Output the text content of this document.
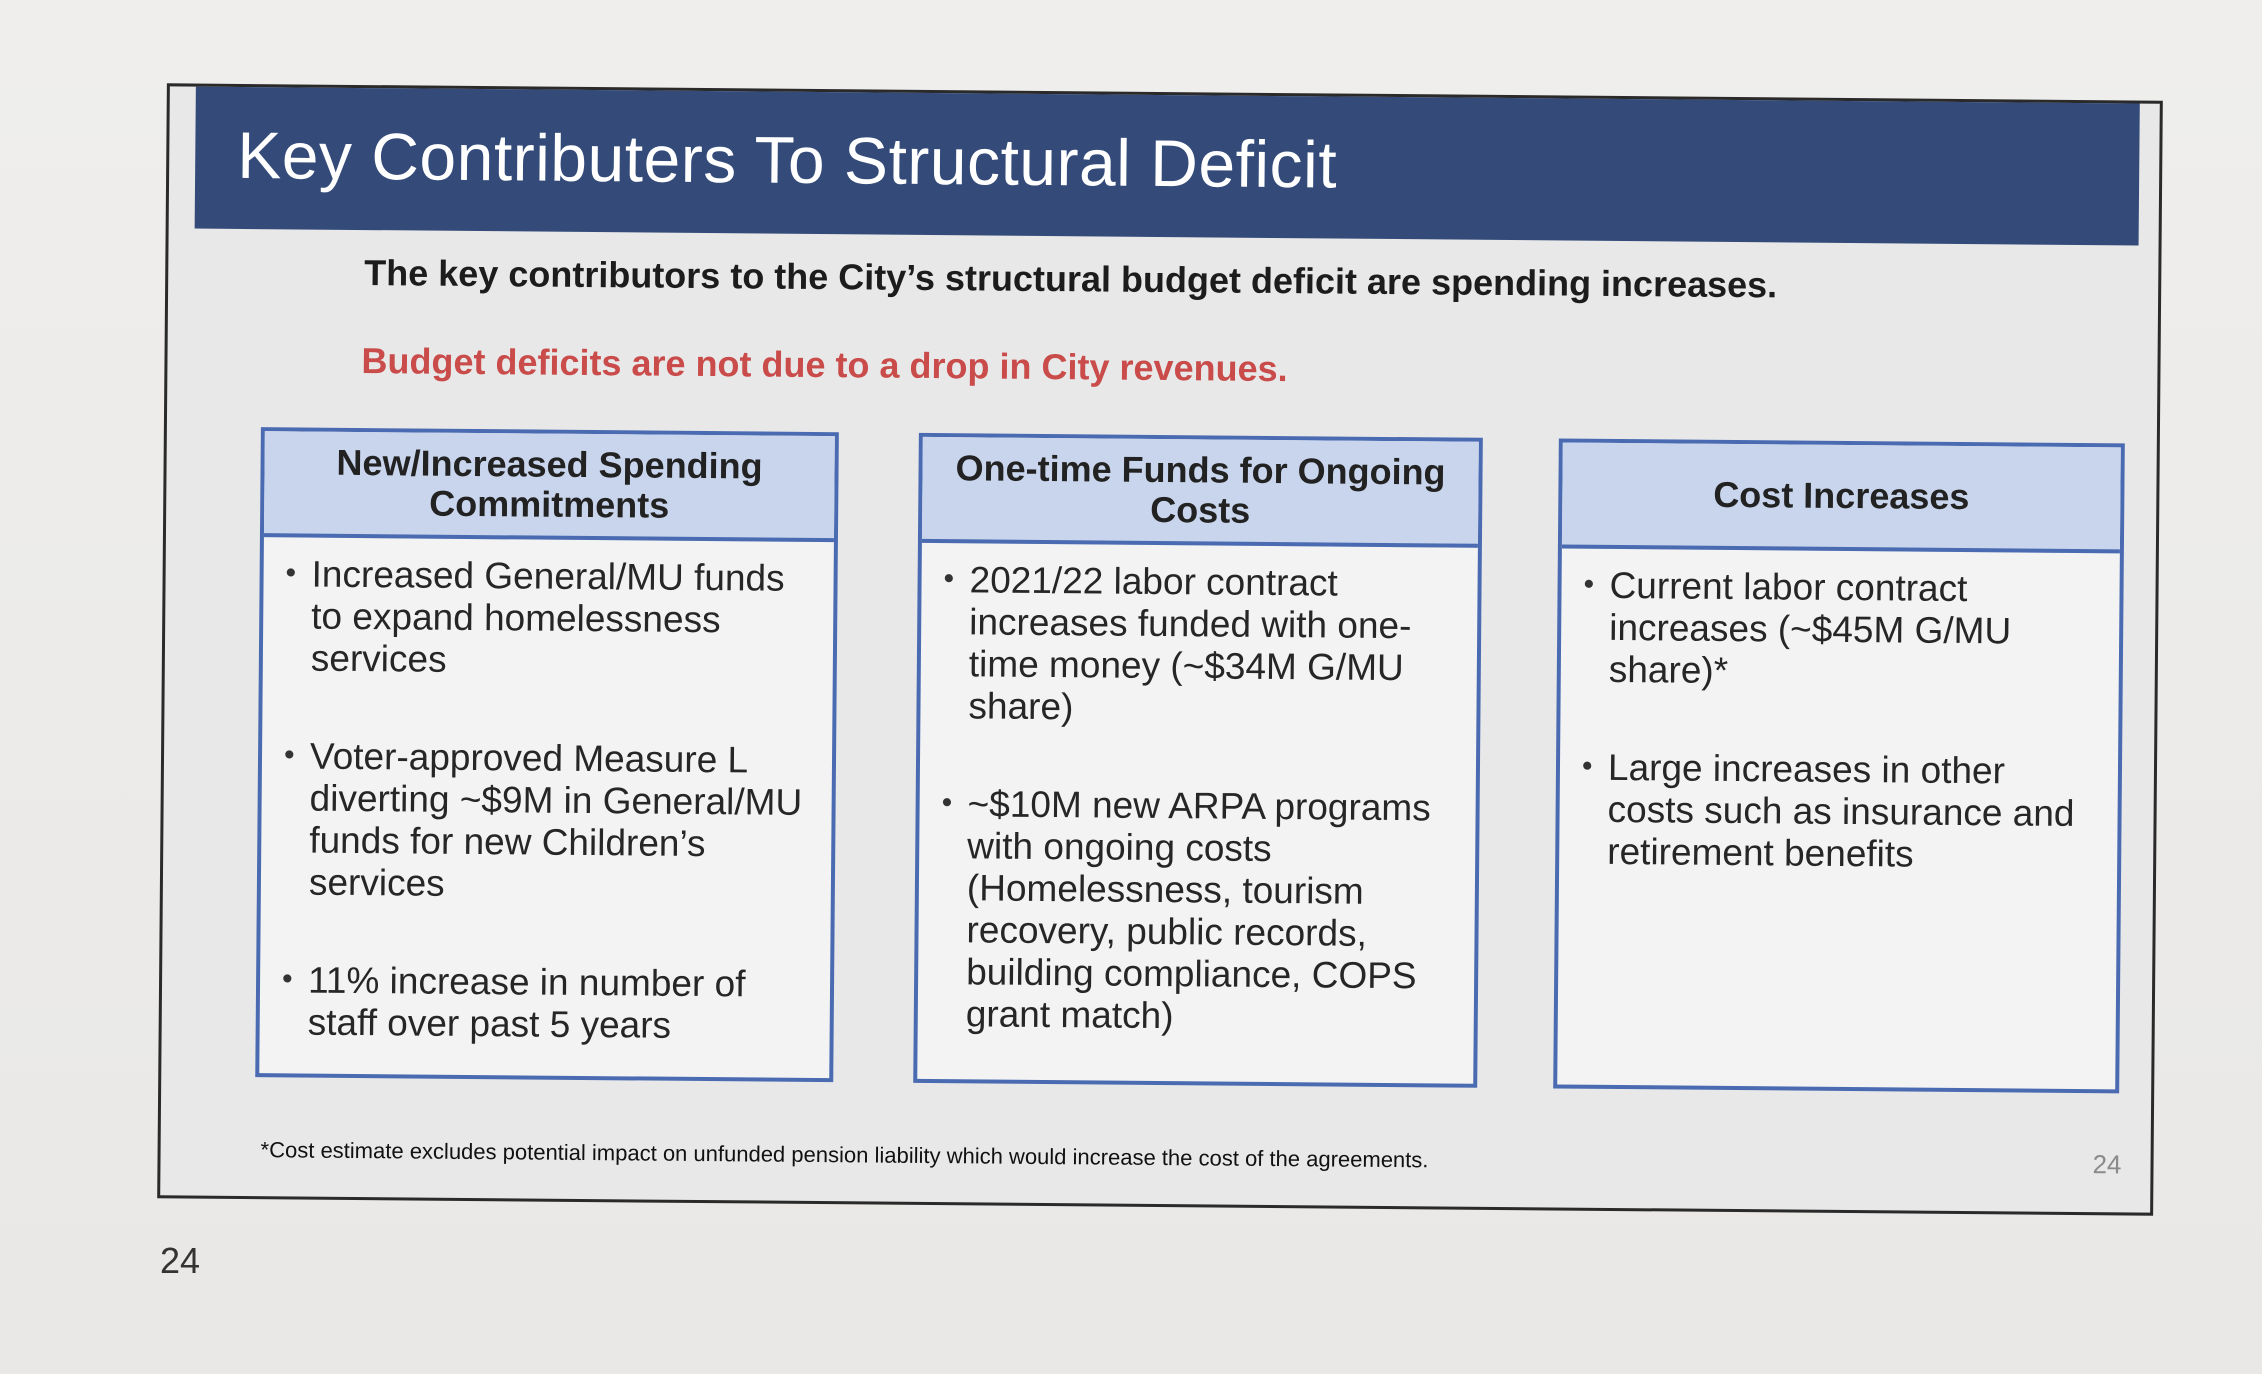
Key Contributers To Structural Deficit
The key contributors to the City’s structural budget deficit are spending increases.
Budget deficits are not due to a drop in City revenues.
New/Increased Spending Commitments
• Increased General/MU funds to expand homelessness services
• Voter-approved Measure L diverting ~$9M in General/MU funds for new Children’s services
• 11% increase in number of staff over past 5 years
One-time Funds for Ongoing Costs
• 2021/22 labor contract increases funded with one-time money (~$34M G/MU share)
• ~$10M new ARPA programs with ongoing costs (Homelessness, tourism recovery, public records, building compliance, COPS grant match)
Cost Increases
• Current labor contract increases (~$45M G/MU share)*
• Large increases in other costs such as insurance and retirement benefits
*Cost estimate excludes potential impact on unfunded pension liability which would increase the cost of the agreements.	24
24
